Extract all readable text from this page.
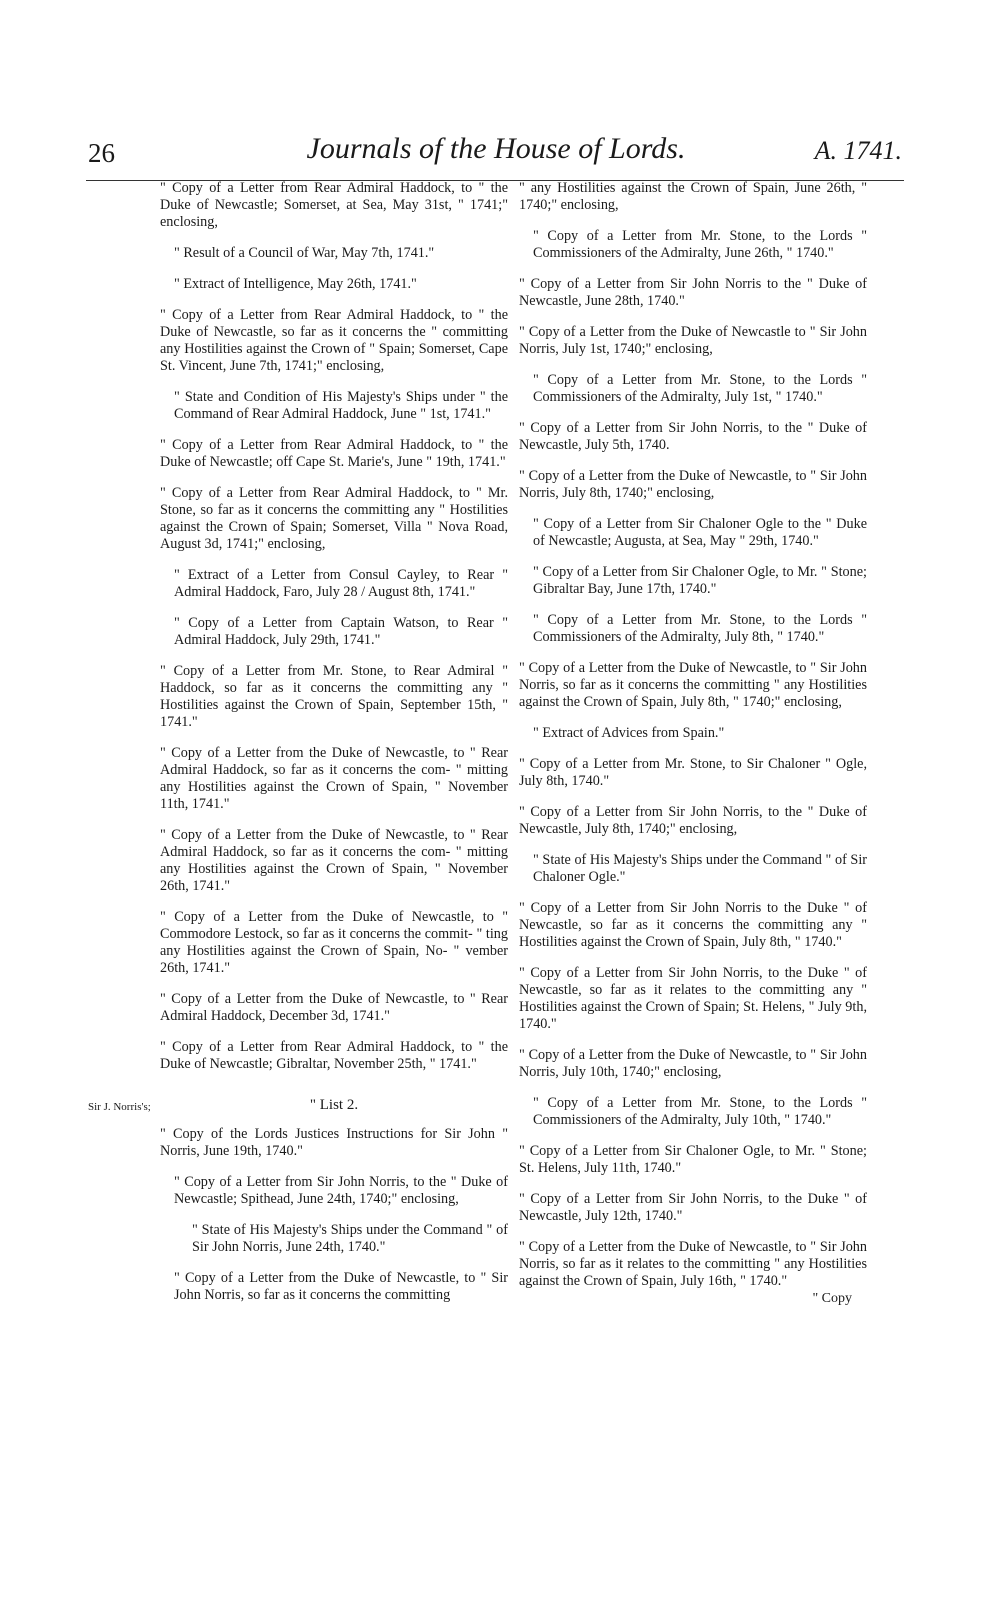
26	Journals of the House of Lords.	A. 1741.
Sir J. Norris's;
" Copy of a Letter from Rear Admiral Haddock, to " the Duke of Newcastle; Somerset, at Sea, May 31st, " 1741;" enclosing,
" Result of a Council of War, May 7th, 1741."
" Extract of Intelligence, May 26th, 1741."
" Copy of a Letter from Rear Admiral Haddock, to " the Duke of Newcastle, so far as it concerns the " committing any Hostilities against the Crown of " Spain; Somerset, Cape St. Vincent, June 7th, 1741;" enclosing,
" State and Condition of His Majesty's Ships under " the Command of Rear Admiral Haddock, June " 1st, 1741."
" Copy of a Letter from Rear Admiral Haddock, to " the Duke of Newcastle; off Cape St. Marie's, June " 19th, 1741."
" Copy of a Letter from Rear Admiral Haddock, to " Mr. Stone, so far as it concerns the committing any " Hostilities against the Crown of Spain; Somerset, Villa " Nova Road, August 3d, 1741;" enclosing,
" Extract of a Letter from Consul Cayley, to Rear " Admiral Haddock, Faro, July 28 / August 8th, 1741."
" Copy of a Letter from Captain Watson, to Rear " Admiral Haddock, July 29th, 1741."
" Copy of a Letter from Mr. Stone, to Rear Admiral " Haddock, so far as it concerns the committing any " Hostilities against the Crown of Spain, September 15th, " 1741."
" Copy of a Letter from the Duke of Newcastle, to " Rear Admiral Haddock, so far as it concerns the com- " mitting any Hostilities against the Crown of Spain, " November 11th, 1741."
" Copy of a Letter from the Duke of Newcastle, to " Rear Admiral Haddock, so far as it concerns the com- " mitting any Hostilities against the Crown of Spain, " November 26th, 1741."
" Copy of a Letter from the Duke of Newcastle, to " Commodore Lestock, so far as it concerns the commit- " ting any Hostilities against the Crown of Spain, No- " vember 26th, 1741."
" Copy of a Letter from the Duke of Newcastle, to " Rear Admiral Haddock, December 3d, 1741."
" Copy of a Letter from Rear Admiral Haddock, to " the Duke of Newcastle; Gibraltar, November 25th, " 1741."
" List 2.
" Copy of the Lords Justices Instructions for Sir John " Norris, June 19th, 1740."
" Copy of a Letter from Sir John Norris, to the " Duke of Newcastle; Spithead, June 24th, 1740;" enclosing,
" State of His Majesty's Ships under the Command " of Sir John Norris, June 24th, 1740."
" Copy of a Letter from the Duke of Newcastle, to " Sir John Norris, so far as it concerns the committing
" any Hostilities against the Crown of Spain, June 26th, " 1740;" enclosing,
" Copy of a Letter from Mr. Stone, to the Lords " Commissioners of the Admiralty, June 26th, " 1740."
" Copy of a Letter from Sir John Norris to the " Duke of Newcastle, June 28th, 1740."
" Copy of a Letter from the Duke of Newcastle to " Sir John Norris, July 1st, 1740;" enclosing,
" Copy of a Letter from Mr. Stone, to the Lords " Commissioners of the Admiralty, July 1st, " 1740."
" Copy of a Letter from Sir John Norris, to the " Duke of Newcastle, July 5th, 1740.
" Copy of a Letter from the Duke of Newcastle, to " Sir John Norris, July 8th, 1740;" enclosing,
" Copy of a Letter from Sir Chaloner Ogle to the " Duke of Newcastle; Augusta, at Sea, May " 29th, 1740."
" Copy of a Letter from Sir Chaloner Ogle, to Mr. " Stone; Gibraltar Bay, June 17th, 1740."
" Copy of a Letter from Mr. Stone, to the Lords " Commissioners of the Admiralty, July 8th, " 1740."
" Copy of a Letter from the Duke of Newcastle, to " Sir John Norris, so far as it concerns the committing " any Hostilities against the Crown of Spain, July 8th, " 1740;" enclosing,
" Extract of Advices from Spain."
" Copy of a Letter from Mr. Stone, to Sir Chaloner " Ogle, July 8th, 1740."
" Copy of a Letter from Sir John Norris, to the " Duke of Newcastle, July 8th, 1740;" enclosing,
" State of His Majesty's Ships under the Command " of Sir Chaloner Ogle."
" Copy of a Letter from Sir John Norris to the Duke " of Newcastle, so far as it concerns the committing any " Hostilities against the Crown of Spain, July 8th, " 1740."
" Copy of a Letter from Sir John Norris, to the Duke " of Newcastle, so far as it relates to the committing any " Hostilities against the Crown of Spain; St. Helens, " July 9th, 1740."
" Copy of a Letter from the Duke of Newcastle, to " Sir John Norris, July 10th, 1740;" enclosing,
" Copy of a Letter from Mr. Stone, to the Lords " Commissioners of the Admiralty, July 10th, " 1740."
" Copy of a Letter from Sir Chaloner Ogle, to Mr. " Stone; St. Helens, July 11th, 1740."
" Copy of a Letter from Sir John Norris, to the Duke " of Newcastle, July 12th, 1740."
" Copy of a Letter from the Duke of Newcastle, to " Sir John Norris, so far as it relates to the committing " any Hostilities against the Crown of Spain, July 16th, " 1740."
" Copy
